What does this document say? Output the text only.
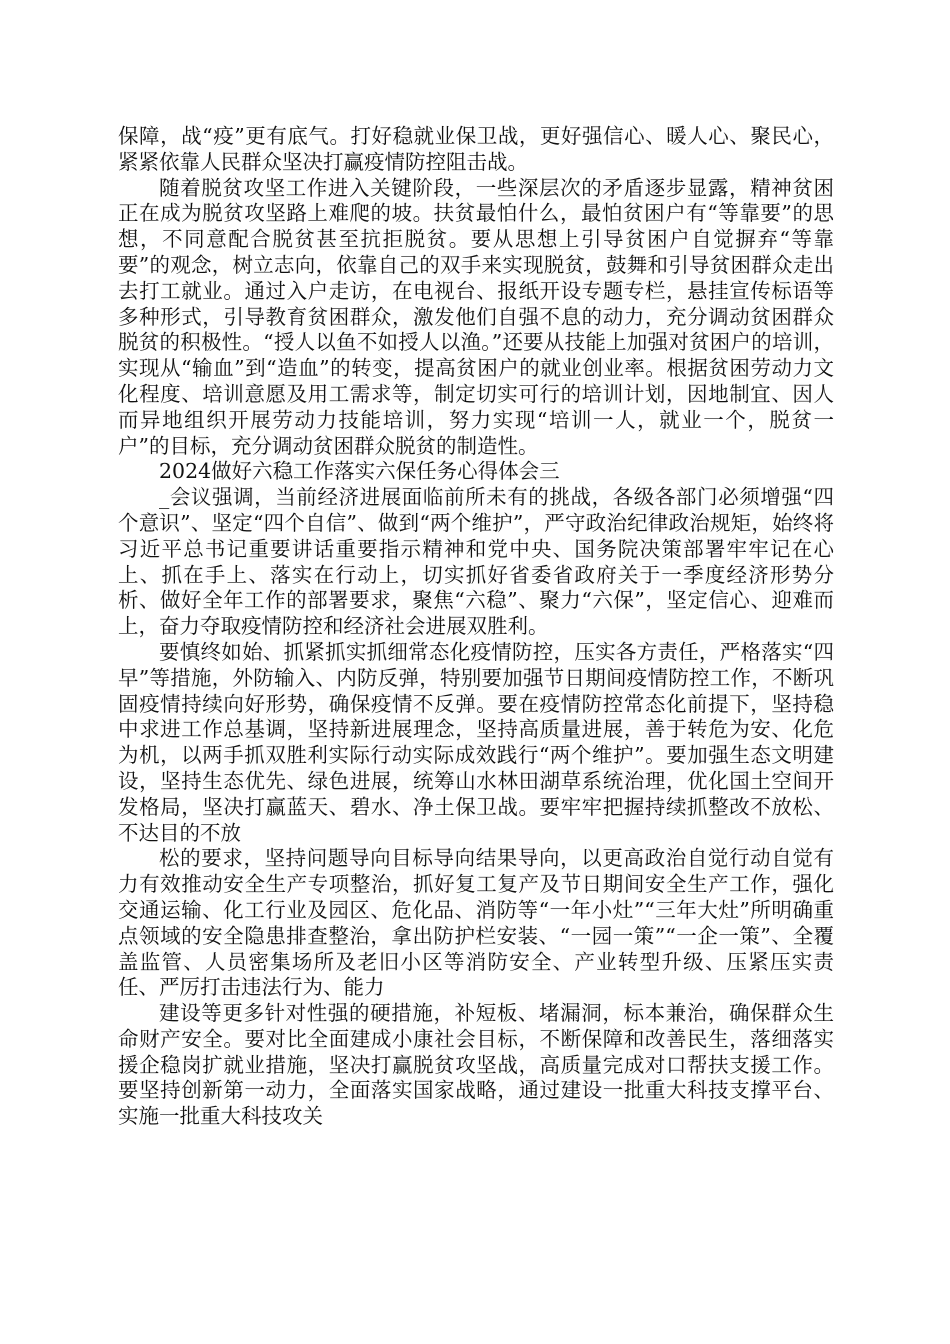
保障，战“疫”更有底气。打好稳就业保卫战，更好强信心、暖人心、聚民心，紧紧依靠人民群众坚决打赢疫情防控阻击战。

随着脱贫攻坚工作进入关键阶段，一些深层次的矛盾逐步显露，精神贫困正在成为脱贫攻坚路上难爬的坡。扶贫最怕什么，最怕贫困户有“等靠要”的思想，不同意配合脱贫甚至抗拒脱贫。要从思想上引导贫困户自觉摒弃“等靠要”的观念，树立志向，依靠自己的双手来实现脱贫，鼓舞和引导贫困群众走出去打工就业。通过入户走访，在电视台、报纸开设专题专栏，悬挂宣传标语等多种形式，引导教育贫困群众，激发他们自强不息的动力，充分调动贫困群众脱贫的积极性。“授人以鱼不如授人以渔。”还要从技能上加强对贫困户的培训，实现从“输血”到“造血”的转变，提高贫困户的就业创业率。根据贫困劳动力文化程度、培训意愿及用工需求等，制定切实可行的培训计划，因地制宜、因人而异地组织开展劳动力技能培训，努力实现“培训一人，就业一个，脱贫一户”的目标，充分调动贫困群众脱贫的制造性。

2024做好六稳工作落实六保任务心得体会三

_会议强调，当前经济进展面临前所未有的挑战，各级各部门必须增强“四个意识”、坚定“四个自信”、做到“两个维护”，严守政治纪律政治规矩，始终将习近平总书记重要讲话重要指示精神和党中央、国务院决策部署牢牢记在心上、抓在手上、落实在行动上，切实抓好省委省政府关于一季度经济形势分析、做好全年工作的部署要求，聚焦“六稳”、聚力“六保”，坚定信心、迎难而上，奋力夺取疫情防控和经济社会进展双胜利。

要慎终如始、抓紧抓实抓细常态化疫情防控，压实各方责任，严格落实“四早”等措施，外防输入、内防反弹，特别要加强节日期间疫情防控工作，不断巩固疫情持续向好形势，确保疫情不反弹。要在疫情防控常态化前提下，坚持稳中求进工作总基调，坚持新进展理念，坚持高质量进展，善于转危为安、化危为机，以两手抓双胜利实际行动实际成效践行“两个维护”。要加强生态文明建设，坚持生态优先、绿色进展，统筹山水林田湖草系统治理，优化国土空间开发格局，坚决打赢蓝天、碧水、净土保卫战。要牢牢把握持续抓整改不放松、不达目的不放

松的要求，坚持问题导向目标导向结果导向，以更高政治自觉行动自觉有力有效推动安全生产专项整治，抓好复工复产及节日期间安全生产工作，强化交通运输、化工行业及园区、危化品、消防等“一年小灶”“三年大灶”所明确重点领域的安全隐患排查整治，拿出防护栏安装、“一园一策”“一企一策”、全覆盖监管、人员密集场所及老旧小区等消防安全、产业转型升级、压紧压实责任、严厉打击违法行为、能力

建设等更多针对性强的硬措施，补短板、堵漏洞，标本兼治，确保群众生命财产安全。要对比全面建成小康社会目标，不断保障和改善民生，落细落实援企稳岗扩就业措施，坚决打赢脱贫攻坚战，高质量完成对口帮扶支援工作。要坚持创新第一动力，全面落实国家战略，通过建设一批重大科技支撑平台、实施一批重大科技攻关
